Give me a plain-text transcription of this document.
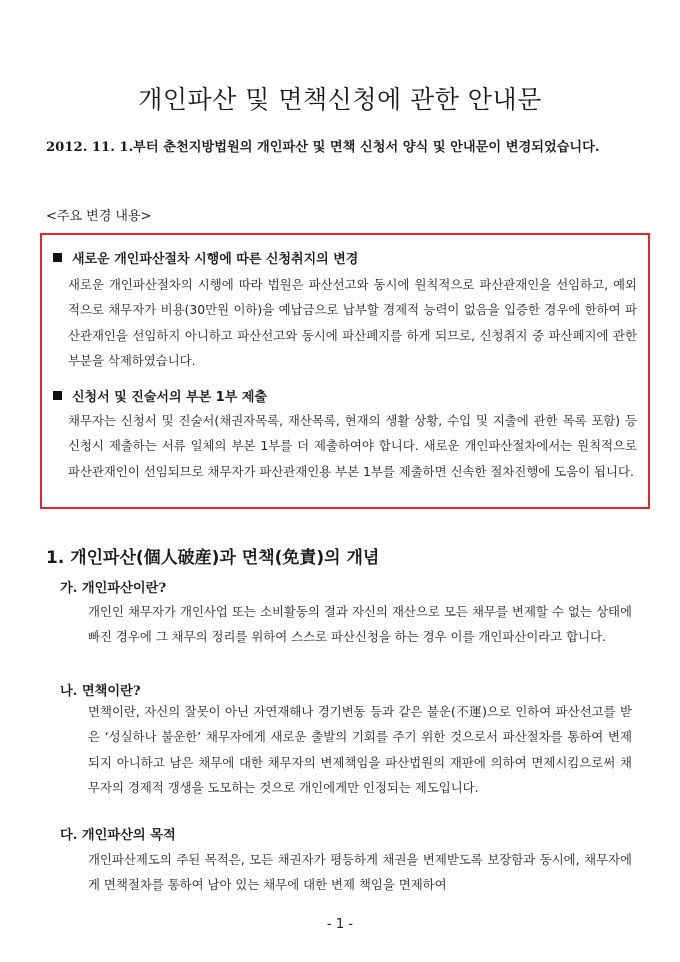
개인파산 및 면책신청에 관한 안내문
2012. 11. 1.부터 춘천지방법원의 개인파산 및 면책 신청서 양식 및 안내문이 변경되었습니다.
<주요 변경 내용>
새로운 개인파산절차 시행에 따른 신청취지의 변경
새로운 개인파산절차의 시행에 따라 법원은 파산선고와 동시에 원칙적으로 파산관재인을 선임하고, 예외적으로 채무자가 비용(30만원 이하)을 예납금으로 납부할 경제적 능력이 없음을 입증한 경우에 한하여 파산관재인을 선임하지 아니하고 파산선고와 동시에 파산폐지를 하게 되므로, 신청취지 중 파산폐지에 관한 부분을 삭제하였습니다.
신청서 및 진술서의 부본 1부 제출
채무자는 신청서 및 진술서(채권자목록, 재산목록, 현재의 생활 상황, 수입 및 지출에 관한 목록 포함) 등 신청시 제출하는 서류 일체의 부본 1부를 더 제출하여야 합니다. 새로운 개인파산절차에서는 원칙적으로 파산관재인이 선임되므로 채무자가 파산관재인용 부본 1부를 제출하면 신속한 절차진행에 도움이 됩니다.
1. 개인파산(個人破産)과 면책(免責)의 개념
가. 개인파산이란?
개인인 채무자가 개인사업 또는 소비활동의 결과 자신의 재산으로 모든 채무를 변제할 수 없는 상태에 빠진 경우에 그 채무의 정리를 위하여 스스로 파산신청을 하는 경우 이를 개인파산이라고 합니다.
나. 면책이란?
면책이란, 자신의 잘못이 아닌 자연재해나 경기변동 등과 같은 불운(不運)으로 인하여 파산선고를 받은 ‘성실하나 불운한’ 채무자에게 새로운 출발의 기회를 주기 위한 것으로서 파산절차를 통하여 변제되지 아니하고 남은 채무에 대한 채무자의 변제책임을 파산법원의 재판에 의하여 면제시킴으로써 채무자의 경제적 갱생을 도모하는 것으로 개인에게만 인정되는 제도입니다.
다. 개인파산의 목적
개인파산제도의 주된 목적은, 모든 채권자가 평등하게 채권을 변제받도록 보장함과 동시에, 채무자에게 면책절차를 통하여 남아 있는 채무에 대한 변제 책임을 면제하여
- 1 -
